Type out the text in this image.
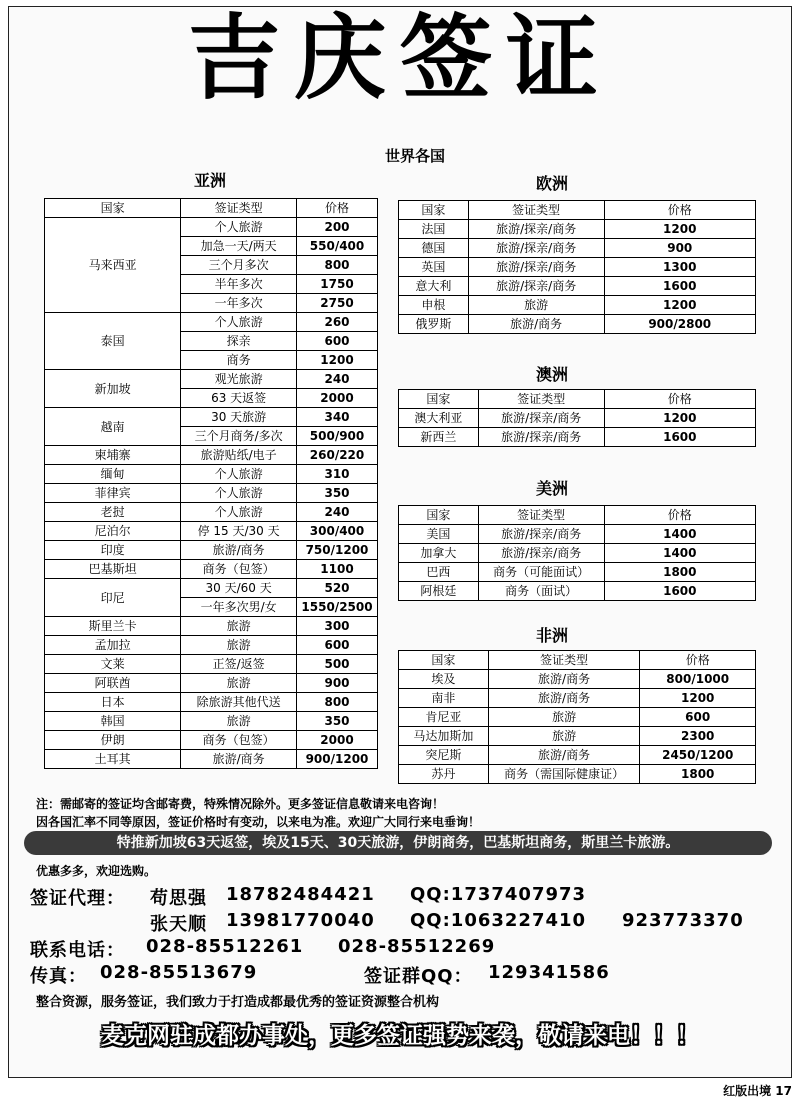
吉庆签证
世界各国
亚洲
国家	签证类型	价格
马来西亚	个人旅游	200
	加急一天/两天	550/400
	三个月多次	800
	半年多次	1750
	一年多次	2750
泰国	个人旅游	260
	探亲	600
	商务	1200
新加坡	观光旅游	240
	63 天返签	2000
越南	30 天旅游	340
	三个月商务/多次	500/900
柬埔寨	旅游贴纸/电子	260/220
缅甸	个人旅游	310
菲律宾	个人旅游	350
老挝	个人旅游	240
尼泊尔	停 15 天/30 天	300/400
印度	旅游/商务	750/1200
巴基斯坦	商务（包签）	1100
印尼	30 天/60 天	520
	一年多次男/女	1550/2500
斯里兰卡	旅游	300
孟加拉	旅游	600
文莱	正签/返签	500
阿联酋	旅游	900
日本	除旅游其他代送	800
韩国	旅游	350
伊朗	商务（包签）	2000
土耳其	旅游/商务	900/1200
欧洲
国家	签证类型	价格
法国	旅游/探亲/商务	1200
德国	旅游/探亲/商务	900
英国	旅游/探亲/商务	1300
意大利	旅游/探亲/商务	1600
申根	旅游	1200
俄罗斯	旅游/商务	900/2800
澳洲
国家	签证类型	价格
澳大利亚	旅游/探亲/商务	1200
新西兰	旅游/探亲/商务	1600
美洲
国家	签证类型	价格
美国	旅游/探亲/商务	1400
加拿大	旅游/探亲/商务	1400
巴西	商务（可能面试）	1800
阿根廷	商务（面试）	1600
非洲
国家	签证类型	价格
埃及	旅游/商务	800/1000
南非	旅游/商务	1200
肯尼亚	旅游	600
马达加斯加	旅游	2300
突尼斯	旅游/商务	2450/1200
苏丹	商务（需国际健康证）	1800
注：需邮寄的签证均含邮寄费，特殊情况除外。更多签证信息敬请来电咨询！
因各国汇率不同等原因，签证价格时有变动，以来电为准。欢迎广大同行来电垂询！
特推新加坡63天返签，埃及15天、30天旅游，伊朗商务，巴基斯坦商务，斯里兰卡旅游。
优惠多多，欢迎选购。
签证代理： 苟思强 18782484421 QQ:1737407973
张天顺 13981770040 QQ:1063227410 923773370
联系电话： 028-85512261 028-85512269
传真： 028-85513679	签证群QQ： 129341586
整合资源，服务签证，我们致力于打造成都最优秀的签证资源整合机构
麦克网驻成都办事处，更多签证强势来袭，敬请来电！！！
红版出境 17
